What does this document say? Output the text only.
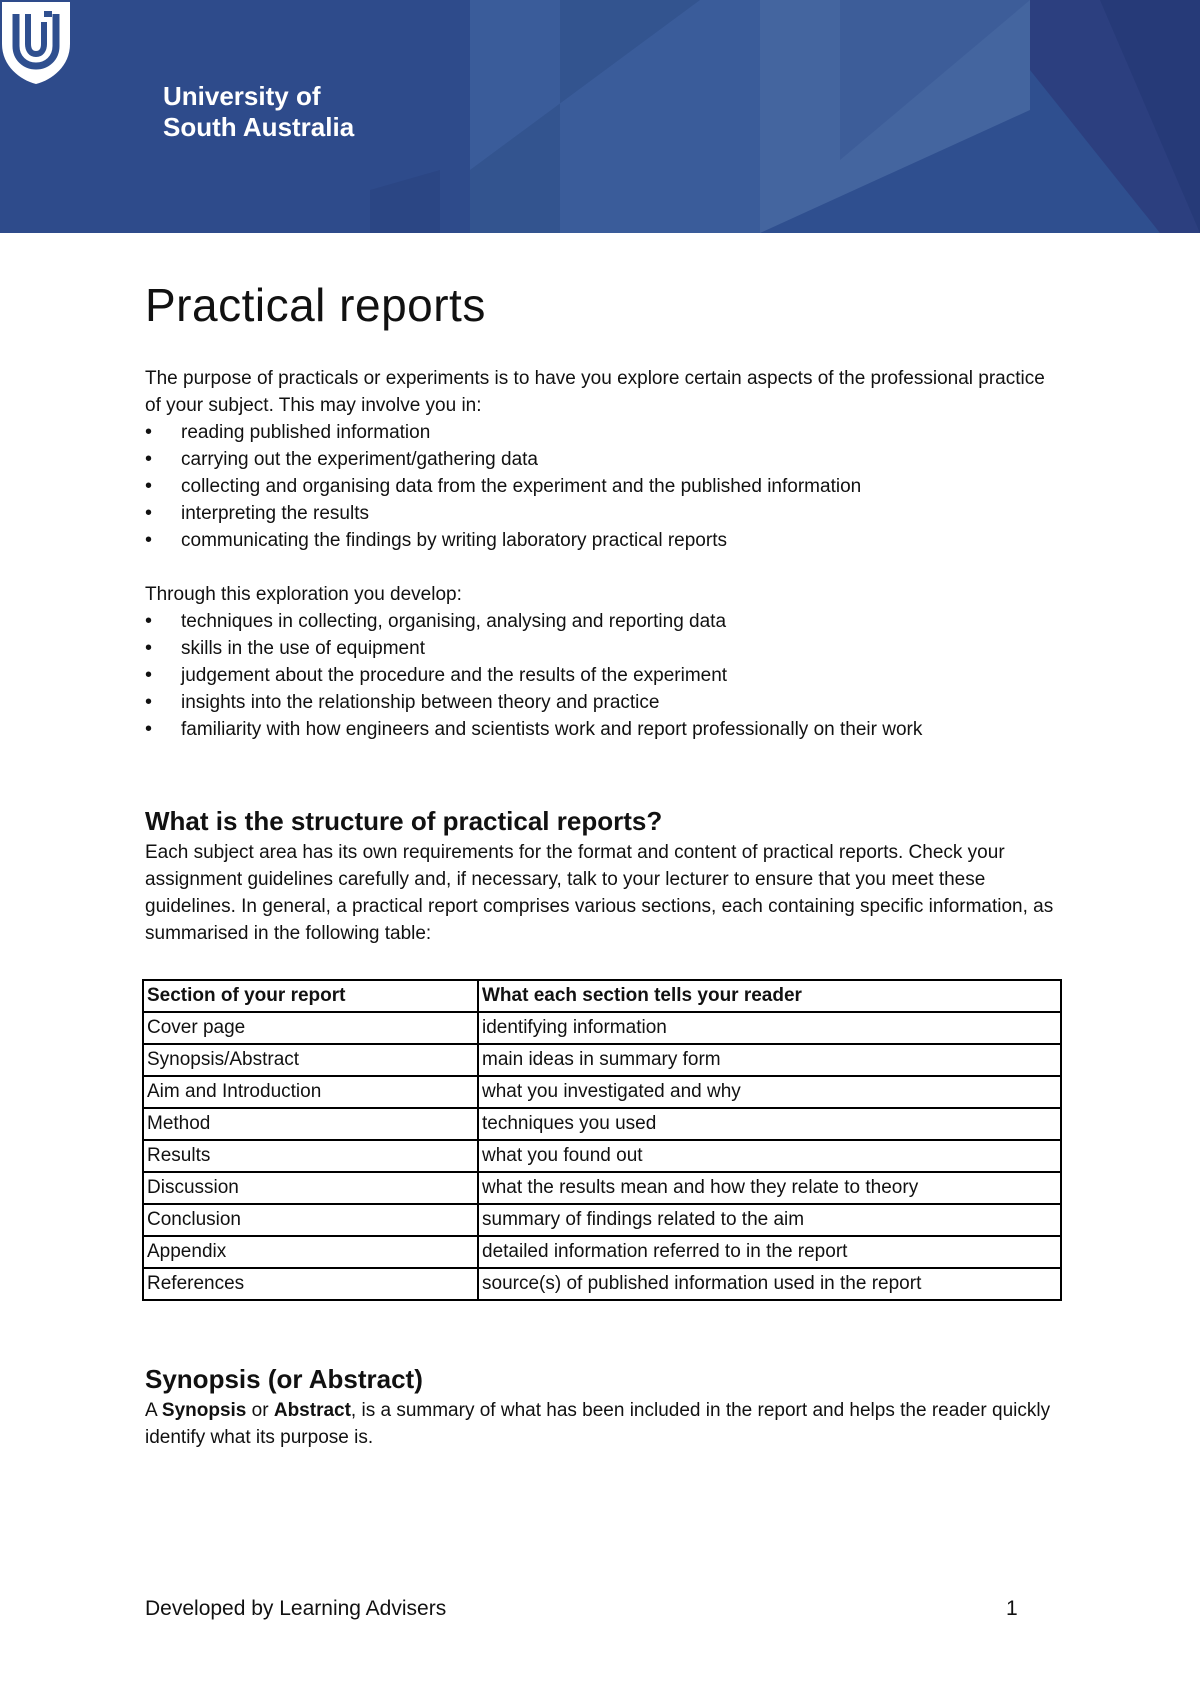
University of
South Australia
Practical reports

The purpose of practicals or experiments is to have you explore certain aspects of the professional practice of your subject. This may involve you in:

• reading published information
• carrying out the experiment/gathering data
• collecting and organising data from the experiment and the published information
• interpreting the results
• communicating the findings by writing laboratory practical reports

Through this exploration you develop:

• techniques in collecting, organising, analysing and reporting data
• skills in the use of equipment
• judgement about the procedure and the results of the experiment
• insights into the relationship between theory and practice
• familiarity with how engineers and scientists work and report professionally on their work
What is the structure of practical reports?

Each subject area has its own requirements for the format and content of practical reports. Check your assignment guidelines carefully and, if necessary, talk to your lecturer to ensure that you meet these guidelines. In general, a practical report comprises various sections, each containing specific information, as summarised in the following table:

Section of your report	What each section tells your reader
Cover page	identifying information
Synopsis/Abstract	main ideas in summary form
Aim and Introduction	what you investigated and why
Method	techniques you used
Results	what you found out
Discussion	what the results mean and how they relate to theory
Conclusion	summary of findings related to the aim
Appendix	detailed information referred to in the report
References	source(s) of published information used in the report
Synopsis (or Abstract)

A Synopsis or Abstract, is a summary of what has been included in the report and helps the reader quickly identify what its purpose is.

Developed by Learning Advisers	1
